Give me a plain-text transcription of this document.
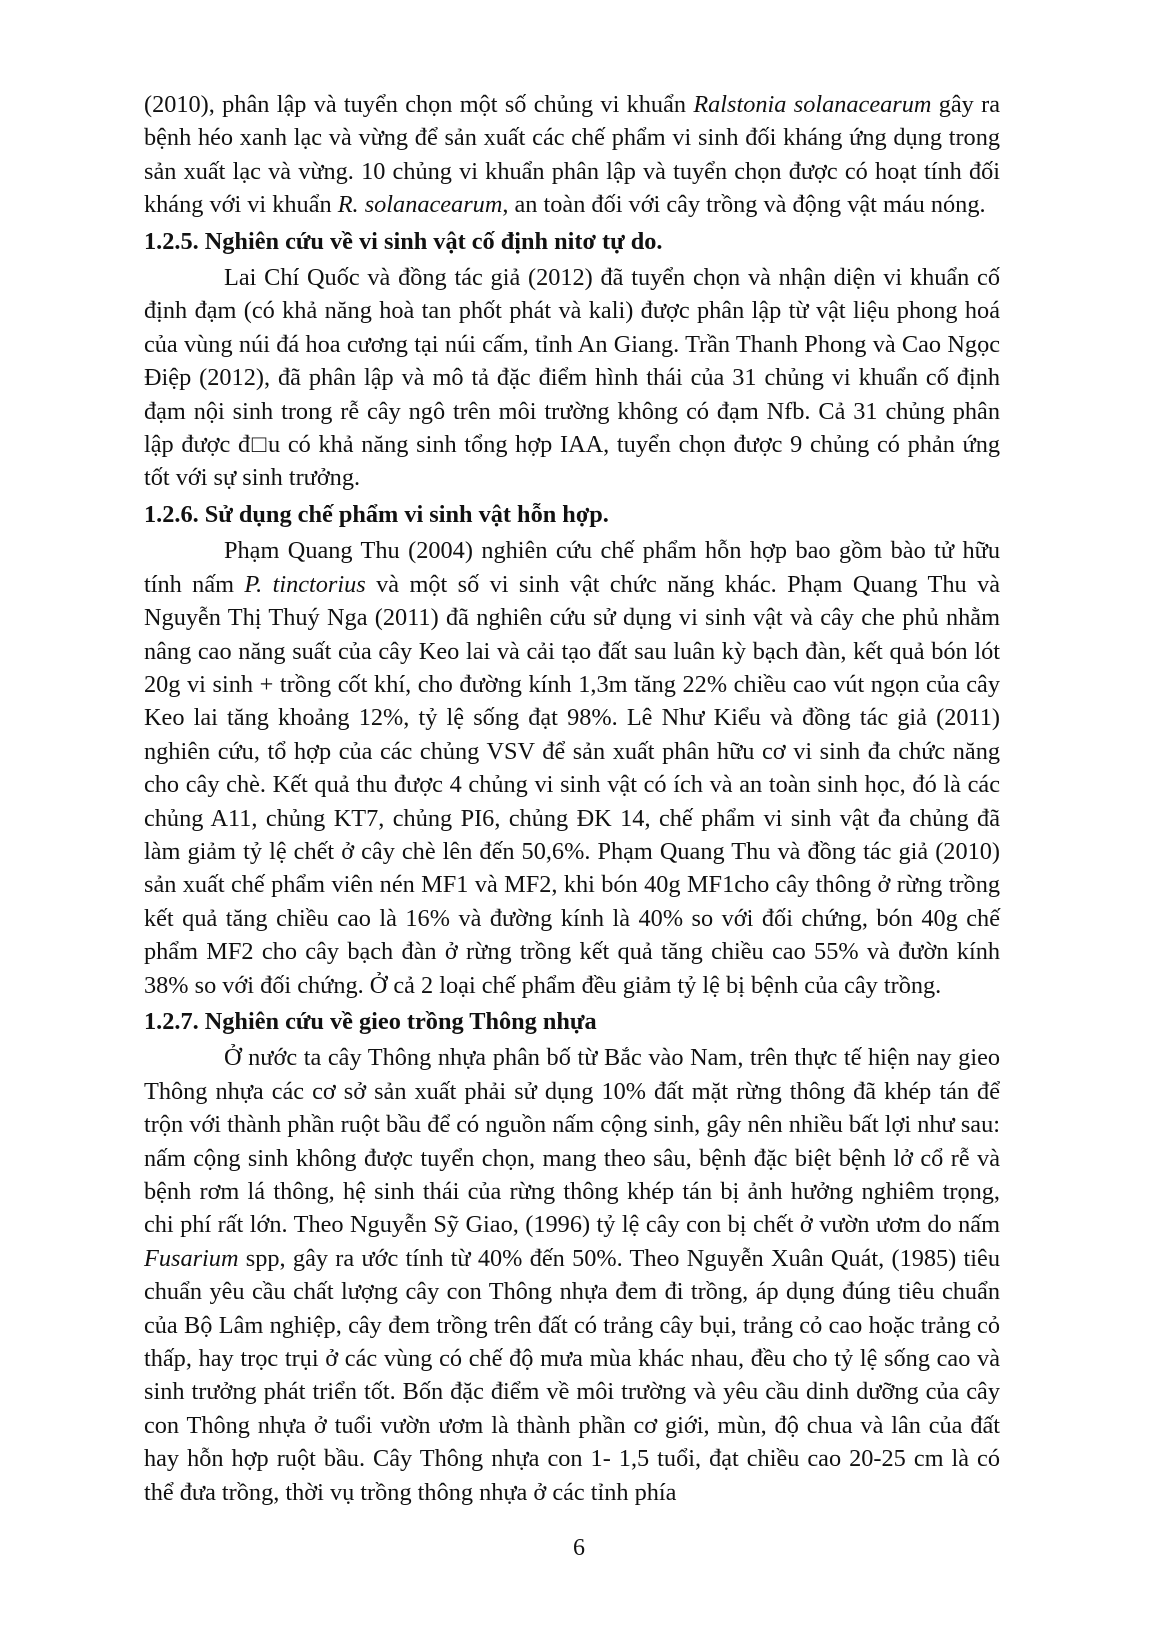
(2010), phân lập và tuyển chọn một số chủng vi khuẩn Ralstonia solanacearum gây ra bệnh héo xanh lạc và vừng để sản xuất các chế phẩm vi sinh đối kháng ứng dụng trong sản xuất lạc và vừng. 10 chủng vi khuẩn phân lập và tuyển chọn được có hoạt tính đối kháng với vi khuẩn R. solanacearum, an toàn đối với cây trồng và động vật máu nóng.

1.2.5. Nghiên cứu về vi sinh vật cố định nitơ tự do.

Lai Chí Quốc và đồng tác giả (2012) đã tuyển chọn và nhận diện vi khuẩn cố định đạm (có khả năng hoà tan phốt phát và kali) được phân lập từ vật liệu phong hoá của vùng núi đá hoa cương tại núi cấm, tỉnh An Giang. Trần Thanh Phong và Cao Ngọc Điệp (2012), đã phân lập và mô tả đặc điểm hình thái của 31 chủng vi khuẩn cố định đạm nội sinh trong rễ cây ngô trên môi trường không có đạm Nfb. Cả 31 chủng phân lập được đ□u có khả năng sinh tổng hợp IAA, tuyển chọn được 9 chủng có phản ứng tốt với sự sinh trưởng.

1.2.6. Sử dụng chế phẩm vi sinh vật hỗn hợp.

Phạm Quang Thu (2004) nghiên cứu chế phẩm hỗn hợp bao gồm bào tử hữu tính nấm P. tinctorius và một số vi sinh vật chức năng khác. Phạm Quang Thu và Nguyễn Thị Thuý Nga (2011) đã nghiên cứu sử dụng vi sinh vật và cây che phủ nhằm nâng cao năng suất của cây Keo lai và cải tạo đất sau luân kỳ bạch đàn, kết quả bón lót 20g vi sinh + trồng cốt khí, cho đường kính 1,3m tăng 22% chiều cao vút ngọn của cây Keo lai tăng khoảng 12%, tỷ lệ sống đạt 98%. Lê Như Kiểu và đồng tác giả (2011) nghiên cứu, tổ hợp của các chủng VSV để sản xuất phân hữu cơ vi sinh đa chức năng cho cây chè. Kết quả thu được 4 chủng vi sinh vật có ích và an toàn sinh học, đó là các chủng A11, chủng KT7, chủng PI6, chủng ĐK 14, chế phẩm vi sinh vật đa chủng đã làm giảm tỷ lệ chết ở cây chè lên đến 50,6%. Phạm Quang Thu và đồng tác giả (2010) sản xuất chế phẩm viên nén MF1 và MF2, khi bón 40g MF1cho cây thông ở rừng trồng kết quả tăng chiều cao là 16% và đường kính là 40% so với đối chứng, bón 40g chế phẩm MF2 cho cây bạch đàn ở rừng trồng kết quả tăng chiều cao 55% và đườn kính 38% so với đối chứng. Ở cả 2 loại chế phẩm đều giảm tỷ lệ bị bệnh của cây trồng.

1.2.7. Nghiên cứu về gieo trồng Thông nhựa

Ở nước ta cây Thông nhựa phân bố từ Bắc vào Nam, trên thực tế hiện nay gieo Thông nhựa các cơ sở sản xuất phải sử dụng 10% đất mặt rừng thông đã khép tán để trộn với thành phần ruột bầu để có nguồn nấm cộng sinh, gây nên nhiều bất lợi như sau: nấm cộng sinh không được tuyển chọn, mang theo sâu, bệnh đặc biệt bệnh lở cổ rễ và bệnh rơm lá thông, hệ sinh thái của rừng thông khép tán bị ảnh hưởng nghiêm trọng, chi phí rất lớn. Theo Nguyễn Sỹ Giao, (1996) tỷ lệ cây con bị chết ở vườn ươm do nấm Fusarium spp, gây ra ước tính từ 40% đến 50%. Theo Nguyễn Xuân Quát, (1985) tiêu chuẩn yêu cầu chất lượng cây con Thông nhựa đem đi trồng, áp dụng đúng tiêu chuẩn của Bộ Lâm nghiệp, cây đem trồng trên đất có trảng cây bụi, trảng cỏ cao hoặc trảng cỏ thấp, hay trọc trụi ở các vùng có chế độ mưa mùa khác nhau, đều cho tỷ lệ sống cao và sinh trưởng phát triển tốt. Bốn đặc điểm về môi trường và yêu cầu dinh dưỡng của cây con Thông nhựa ở tuổi vườn ươm là thành phần cơ giới, mùn, độ chua và lân của đất hay hỗn hợp ruột bầu. Cây Thông nhựa con 1- 1,5 tuổi, đạt chiều cao 20-25 cm là có thể đưa trồng, thời vụ trồng thông nhựa ở các tỉnh phía

6
